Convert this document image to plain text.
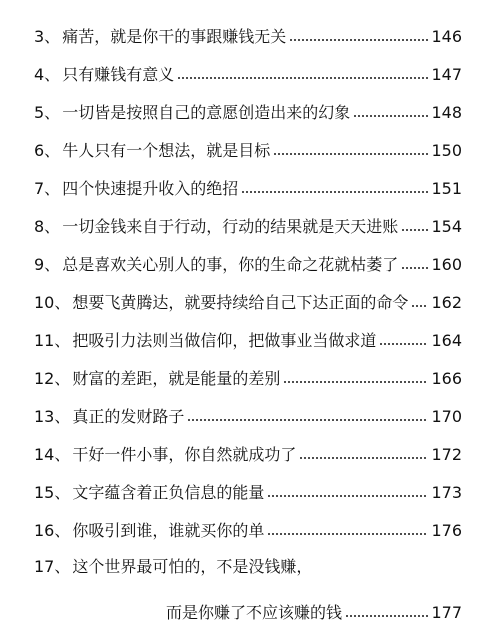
3、 痛苦，就是你干的事跟赚钱无关	146
4、 只有赚钱有意义	147
5、 一切皆是按照自己的意愿创造出来的幻象	148
6、 牛人只有一个想法，就是目标	150
7、 四个快速提升收入的绝招	151
8、 一切金钱来自于行动，行动的结果就是天天进账 154
9、 总是喜欢关心别人的事，你的生命之花就枯萎了 160
10、 想要飞黄腾达，就要持续给自己下达正面的命令 162
11、 把吸引力法则当做信仰，把做事业当做求道	164
12、 财富的差距，就是能量的差别	166
13、 真正的发财路子	170
14、 干好一件小事，你自然就成功了	172
15、 文字蕴含着正负信息的能量	173
16、 你吸引到谁，谁就买你的单	176
17、 这个世界最可怕的，不是没钱赚，
而是你赚了不应该赚的钱	177
